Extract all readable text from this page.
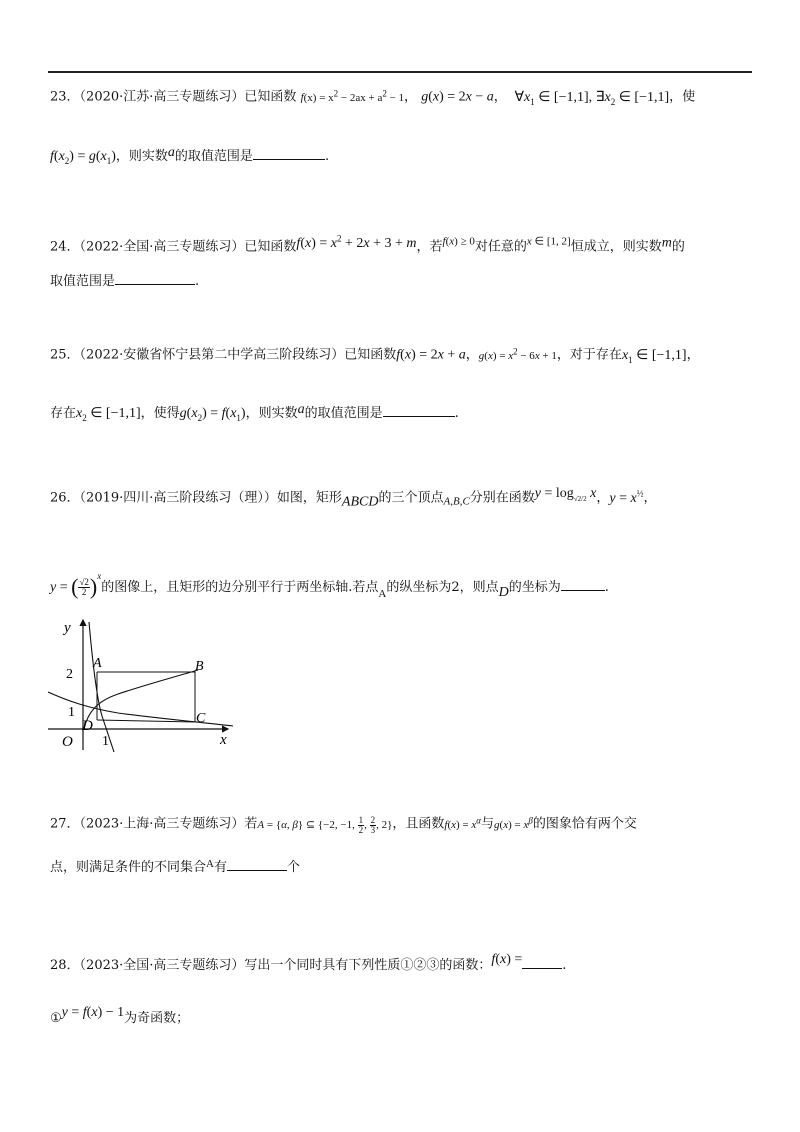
23．（2020·江苏·高三专题练习）已知函数 $f(x) = x^2 - 2ax + a^2 - 1$， g(x) = 2x − a，  $\forall x_1$ ∈ [−1,1], $\exists x_2$ ∈ [−1,1]，使
$f(x_2) = g(x_1)$，则实数a的取值范围是	.
24．（2022·全国·高三专题练习）已知函数$f(x) = x^2 + 2x + 3 + m$，若$^{f(x) \ge 0}$对任意的$^{x \in [1, 2]}$恒成立，则实数m的
取值范围是	.
25．（2022·安徽省怀宁县第二中学高三阶段练习）已知函数f(x) = 2x + a，$g(x) = x^2 - 6x + 1$，对于存在$x_1$ ∈ [−1,1]，
存在$x_2$ ∈ [−1,1]，使得$g(x_2) = f(x_1)$，则实数a的取值范围是	.
26．（2019·四川·高三阶段练习（理））如图，矩形ABCD的三个顶点$_{A,B,C}$分别在函数$y = \log_{√2/2} x$，$y = x^{\frac{1}{2}}$，
y = ( $\frac{√2}{2} )^x$的图像上，且矩形的边分别平行于两坐标轴.若点$_A$的纵坐标为2，则点D的坐标为	.
y
x
O 1
1
2
A	B
C
D
27．（2023·上海·高三专题练习）若A = {α, β} ⊆ {−2, −1, $\frac{1}{2}$ , $\frac{2}{3}$ , 2}，且函数$f(x) = x^\alpha$与$g(x) = x^\beta$的图象恰有两个交
点，则满足条件的不同集合$^A$有	个
28．（2023·全国·高三专题练习）写出一个同时具有下列性质①②③的函数：f(x) =	.
①y = f(x) − 1为奇函数；
